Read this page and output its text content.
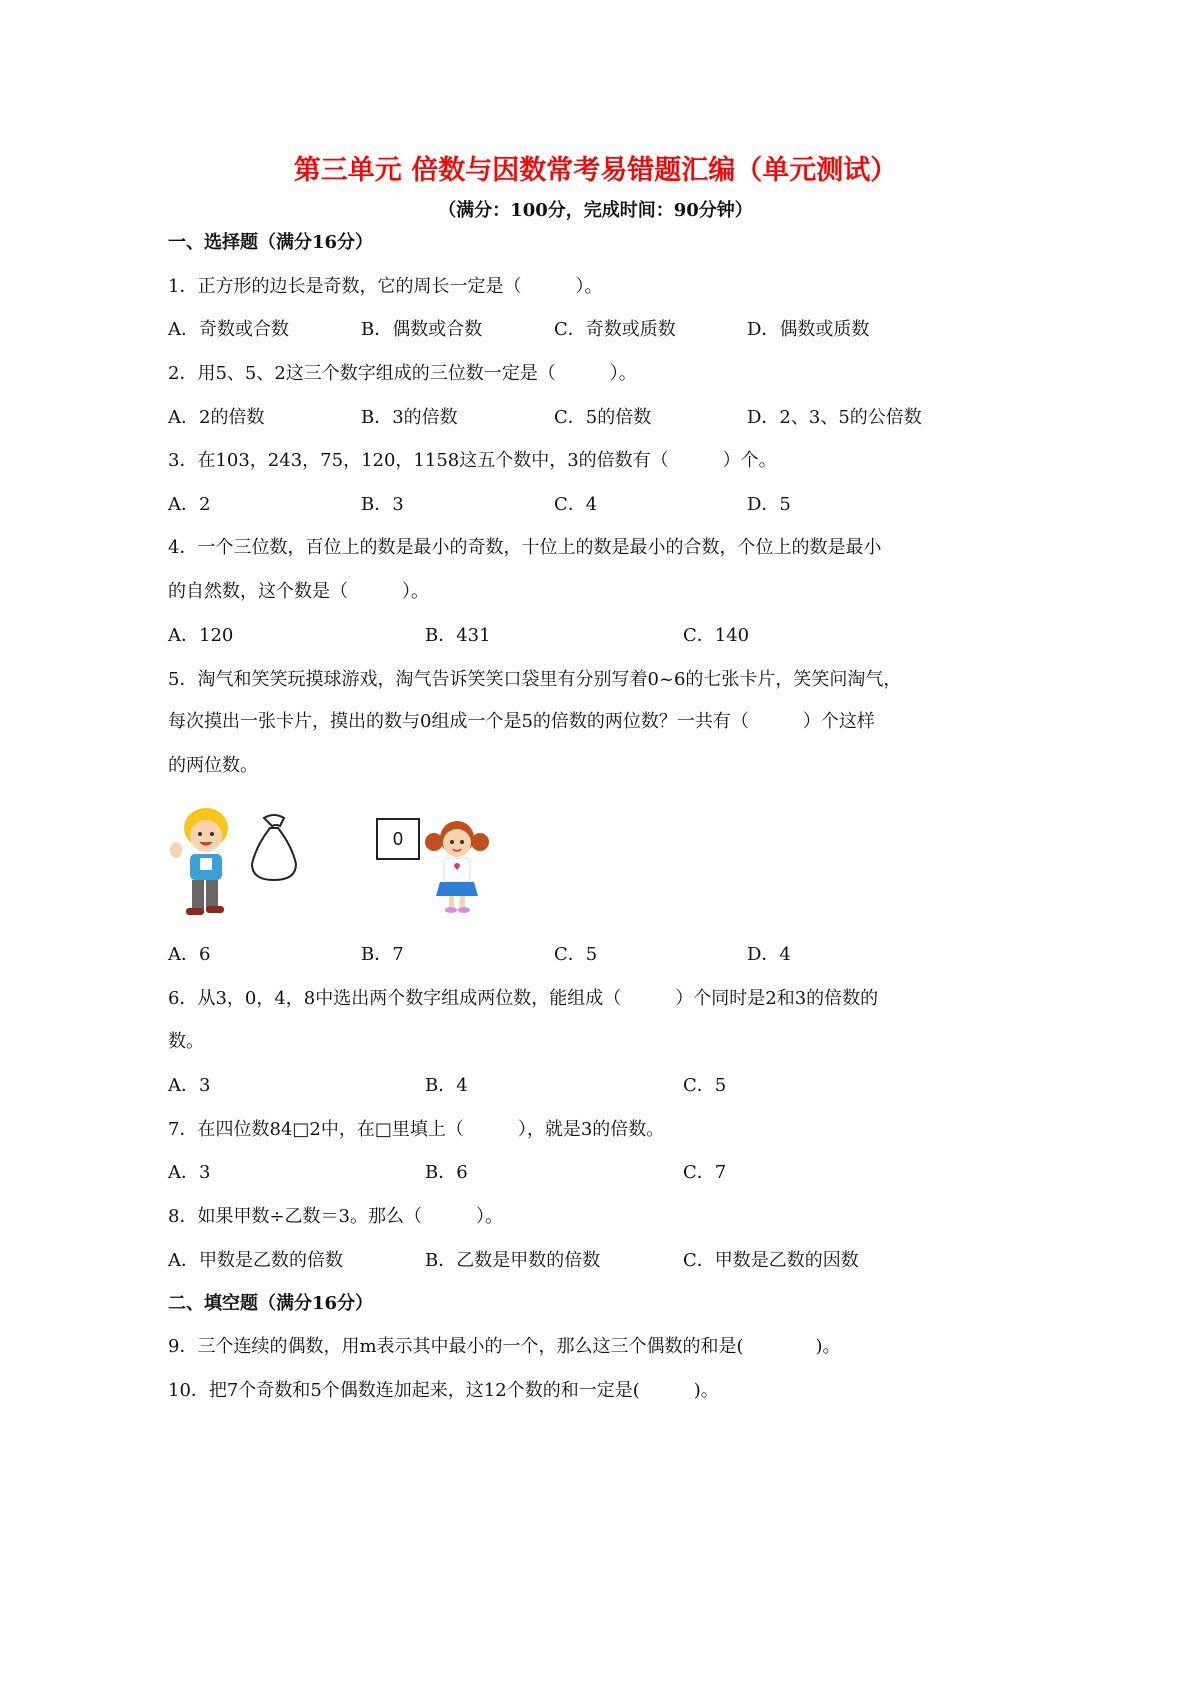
第三单元 倍数与因数常考易错题汇编（单元测试）
（满分：100分，完成时间：90分钟）
一、选择题（满分16分）
1．正方形的边长是奇数，它的周长一定是（　　　）。
A．奇数或合数	B．偶数或合数	C．奇数或质数	D．偶数或质数
2．用5、5、2这三个数字组成的三位数一定是（　　　）。
A．2的倍数	B．3的倍数	C．5的倍数	D．2、3、5的公倍数
3．在103，243，75，120，1158这五个数中，3的倍数有（　　　）个。
A．2	B．3	C．4	D．5
4．一个三位数，百位上的数是最小的奇数，十位上的数是最小的合数，个位上的数是最小
的自然数，这个数是（　　　）。
A．120	B．431	C．140
5．淘气和笑笑玩摸球游戏，淘气告诉笑笑口袋里有分别写着0~6的七张卡片，笑笑问淘气，
每次摸出一张卡片，摸出的数与0组成一个是5的倍数的两位数？一共有（　　　）个这样
的两位数。
0
A．6	B．7	C．5	D．4
6．从3，0，4，8中选出两个数字组成两位数，能组成（　　　）个同时是2和3的倍数的
数。
A．3	B．4	C．5
7．在四位数84□2中，在□里填上（　　　），就是3的倍数。
A．3	B．6	C．7
8．如果甲数÷乙数＝3。那么（　　　）。
A．甲数是乙数的倍数	B．乙数是甲数的倍数	C．甲数是乙数的因数
二、填空题（满分16分）
9．三个连续的偶数，用m表示其中最小的一个，那么这三个偶数的和是(　　　　)。
10．把7个奇数和5个偶数连加起来，这12个数的和一定是(　　　)。
